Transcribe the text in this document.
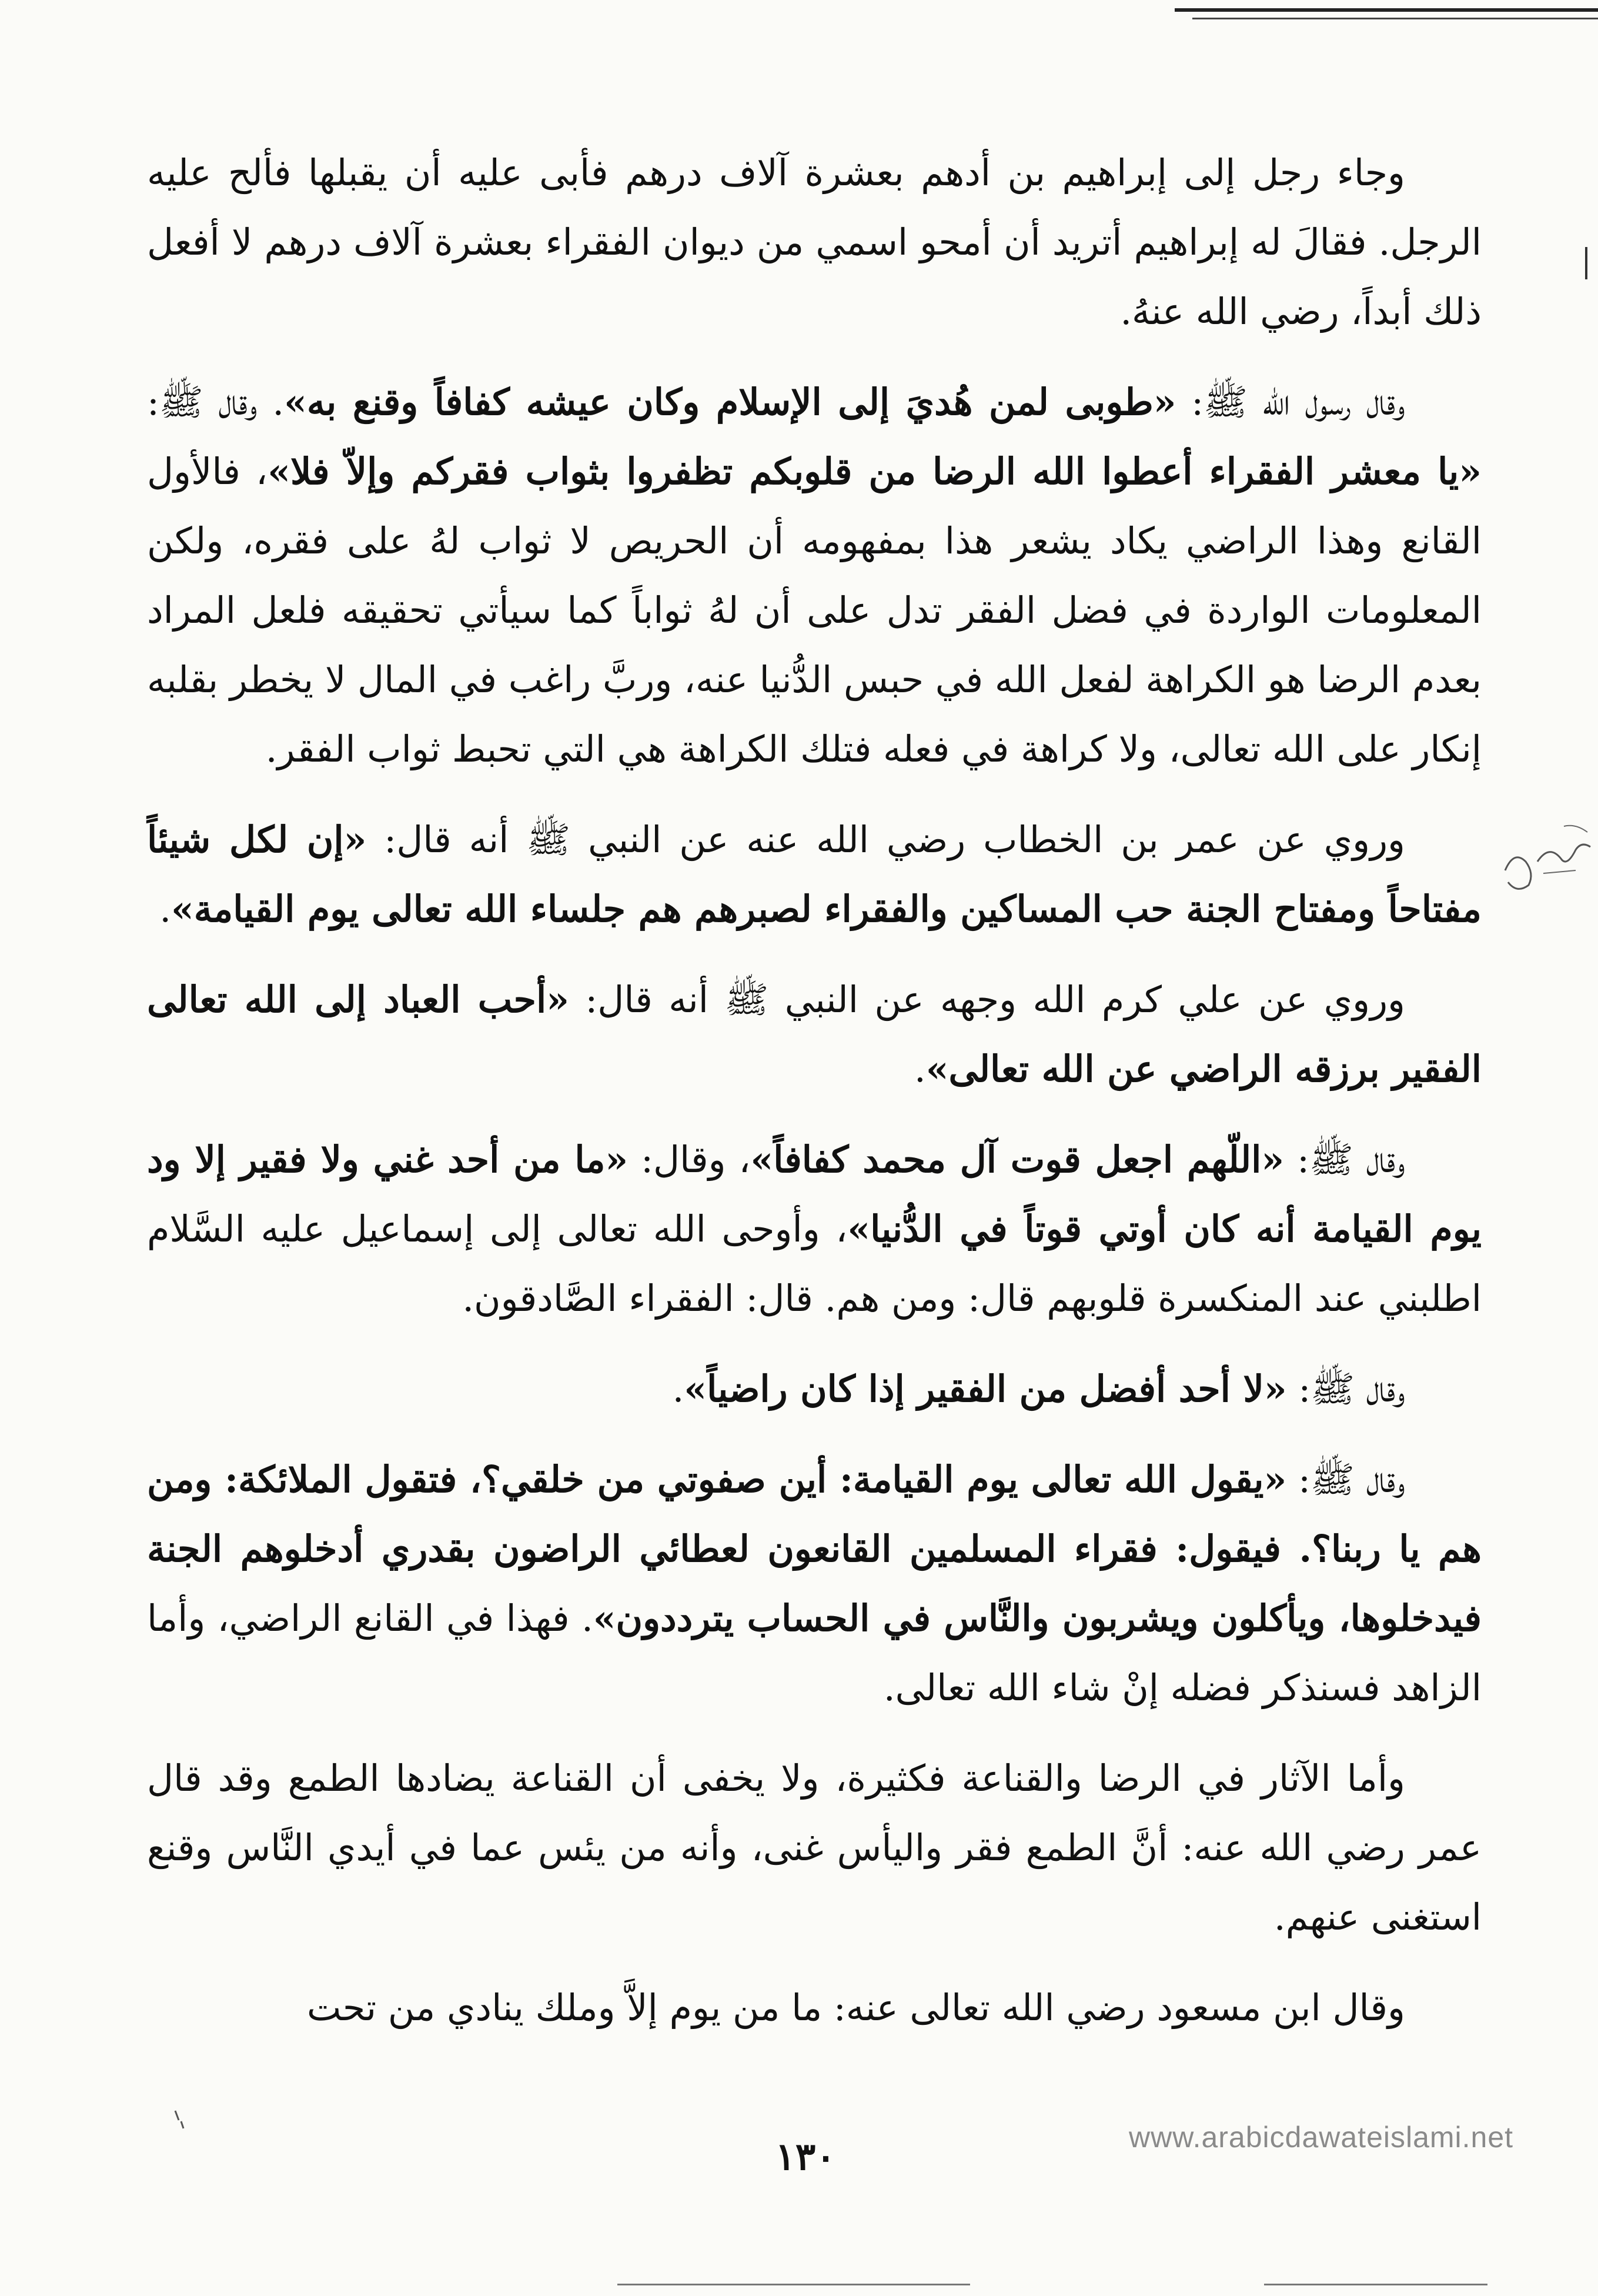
وجاء رجل إلى إبراهيم بن أدهم بعشرة آلاف درهم فأبى عليه أن يقبلها فألح عليه الرجل. فقالَ له إبراهيم أتريد أن أمحو اسمي من ديوان الفقراء بعشرة آلاف درهم لا أفعل ذلك أبداً، رضي الله عنهُ.

وقال رسول الله ﷺ: «طوبى لمن هُديَ إلى الإسلام وكان عيشه كفافاً وقنع به». وقال ﷺ: «يا معشر الفقراء أعطوا الله الرضا من قلوبكم تظفروا بثواب فقركم وإلاّ فلا»، فالأول القانع وهذا الراضي يكاد يشعر هذا بمفهومه أن الحريص لا ثواب لهُ على فقره، ولكن المعلومات الواردة في فضل الفقر تدل على أن لهُ ثواباً كما سيأتي تحقيقه فلعل المراد بعدم الرضا هو الكراهة لفعل الله في حبس الدُّنيا عنه، وربَّ راغب في المال لا يخطر بقلبه إنكار على الله تعالى، ولا كراهة في فعله فتلك الكراهة هي التي تحبط ثواب الفقر.

وروي عن عمر بن الخطاب رضي الله عنه عن النبي ﷺ أنه قال: «إن لكل شيئاً مفتاحاً ومفتاح الجنة حب المساكين والفقراء لصبرهم هم جلساء الله تعالى يوم القيامة».

وروي عن علي كرم الله وجهه عن النبي ﷺ أنه قال: «أحب العباد إلى الله تعالى الفقير برزقه الراضي عن الله تعالى».

وقال ﷺ: «اللّهم اجعل قوت آل محمد كفافاً»، وقال: «ما من أحد غني ولا فقير إلا ود يوم القيامة أنه كان أوتي قوتاً في الدُّنيا»، وأوحى الله تعالى إلى إسماعيل عليه السَّلام اطلبني عند المنكسرة قلوبهم قال: ومن هم. قال: الفقراء الصَّادقون.

وقال ﷺ: «لا أحد أفضل من الفقير إذا كان راضياً».

وقال ﷺ: «يقول الله تعالى يوم القيامة: أين صفوتي من خلقي؟، فتقول الملائكة: ومن هم يا ربنا؟. فيقول: فقراء المسلمين القانعون لعطائي الراضون بقدري أدخلوهم الجنة فيدخلوها، ويأكلون ويشربون والنَّاس في الحساب يترددون». فهذا في القانع الراضي، وأما الزاهد فسنذكر فضله إنْ شاء الله تعالى.

وأما الآثار في الرضا والقناعة فكثيرة، ولا يخفى أن القناعة يضادها الطمع وقد قال عمر رضي الله عنه: أنَّ الطمع فقر واليأس غنى، وأنه من يئس عما في أيدي النَّاس وقنع استغنى عنهم.

وقال ابن مسعود رضي الله تعالى عنه: ما من يوم إلاَّ وملك ينادي من تحت

١٣٠	www.arabicdawateislami.net
